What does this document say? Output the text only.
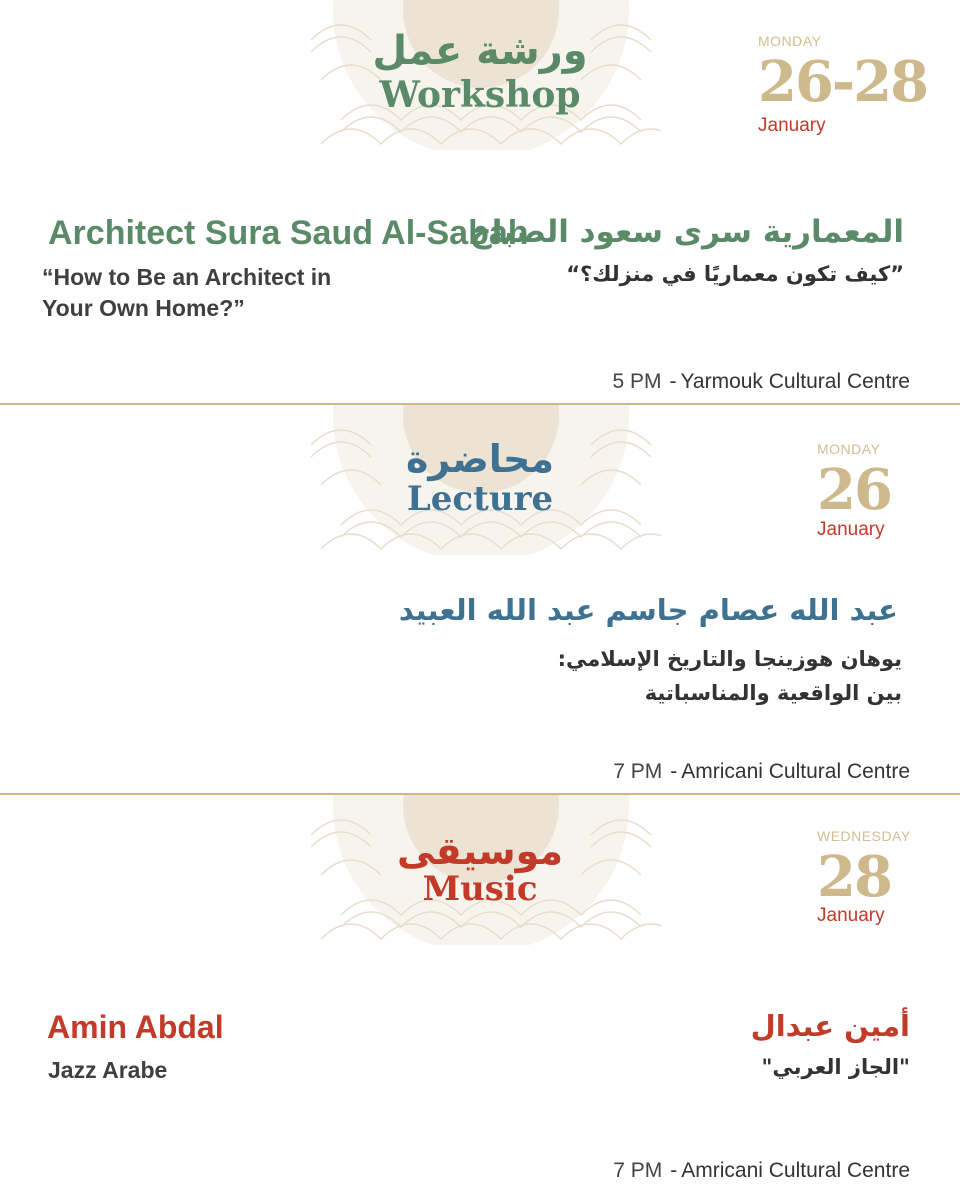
ورشة عمل
Workshop
MONDAY
26-28
January
Architect Sura Saud Al-Sabah
“How to Be an Architect in Your Own Home?”
المعمارية سرى سعود الصباح
”كيف تكون معماريًا في منزلك؟“
5 PM - Yarmouk Cultural Centre
محاضرة
Lecture
MONDAY
26
January
عبد الله عصام جاسم عبد الله العبيد
يوهان هوزينجا والتاريخ الإسلامي:
بين الواقعية والمناسباتية
7 PM - Amricani Cultural Centre
موسيقى
Music
WEDNESDAY
28
January
Amin Abdal
Jazz Arabe
أمين عبدال
"الجاز العربي"
7 PM - Amricani Cultural Centre
